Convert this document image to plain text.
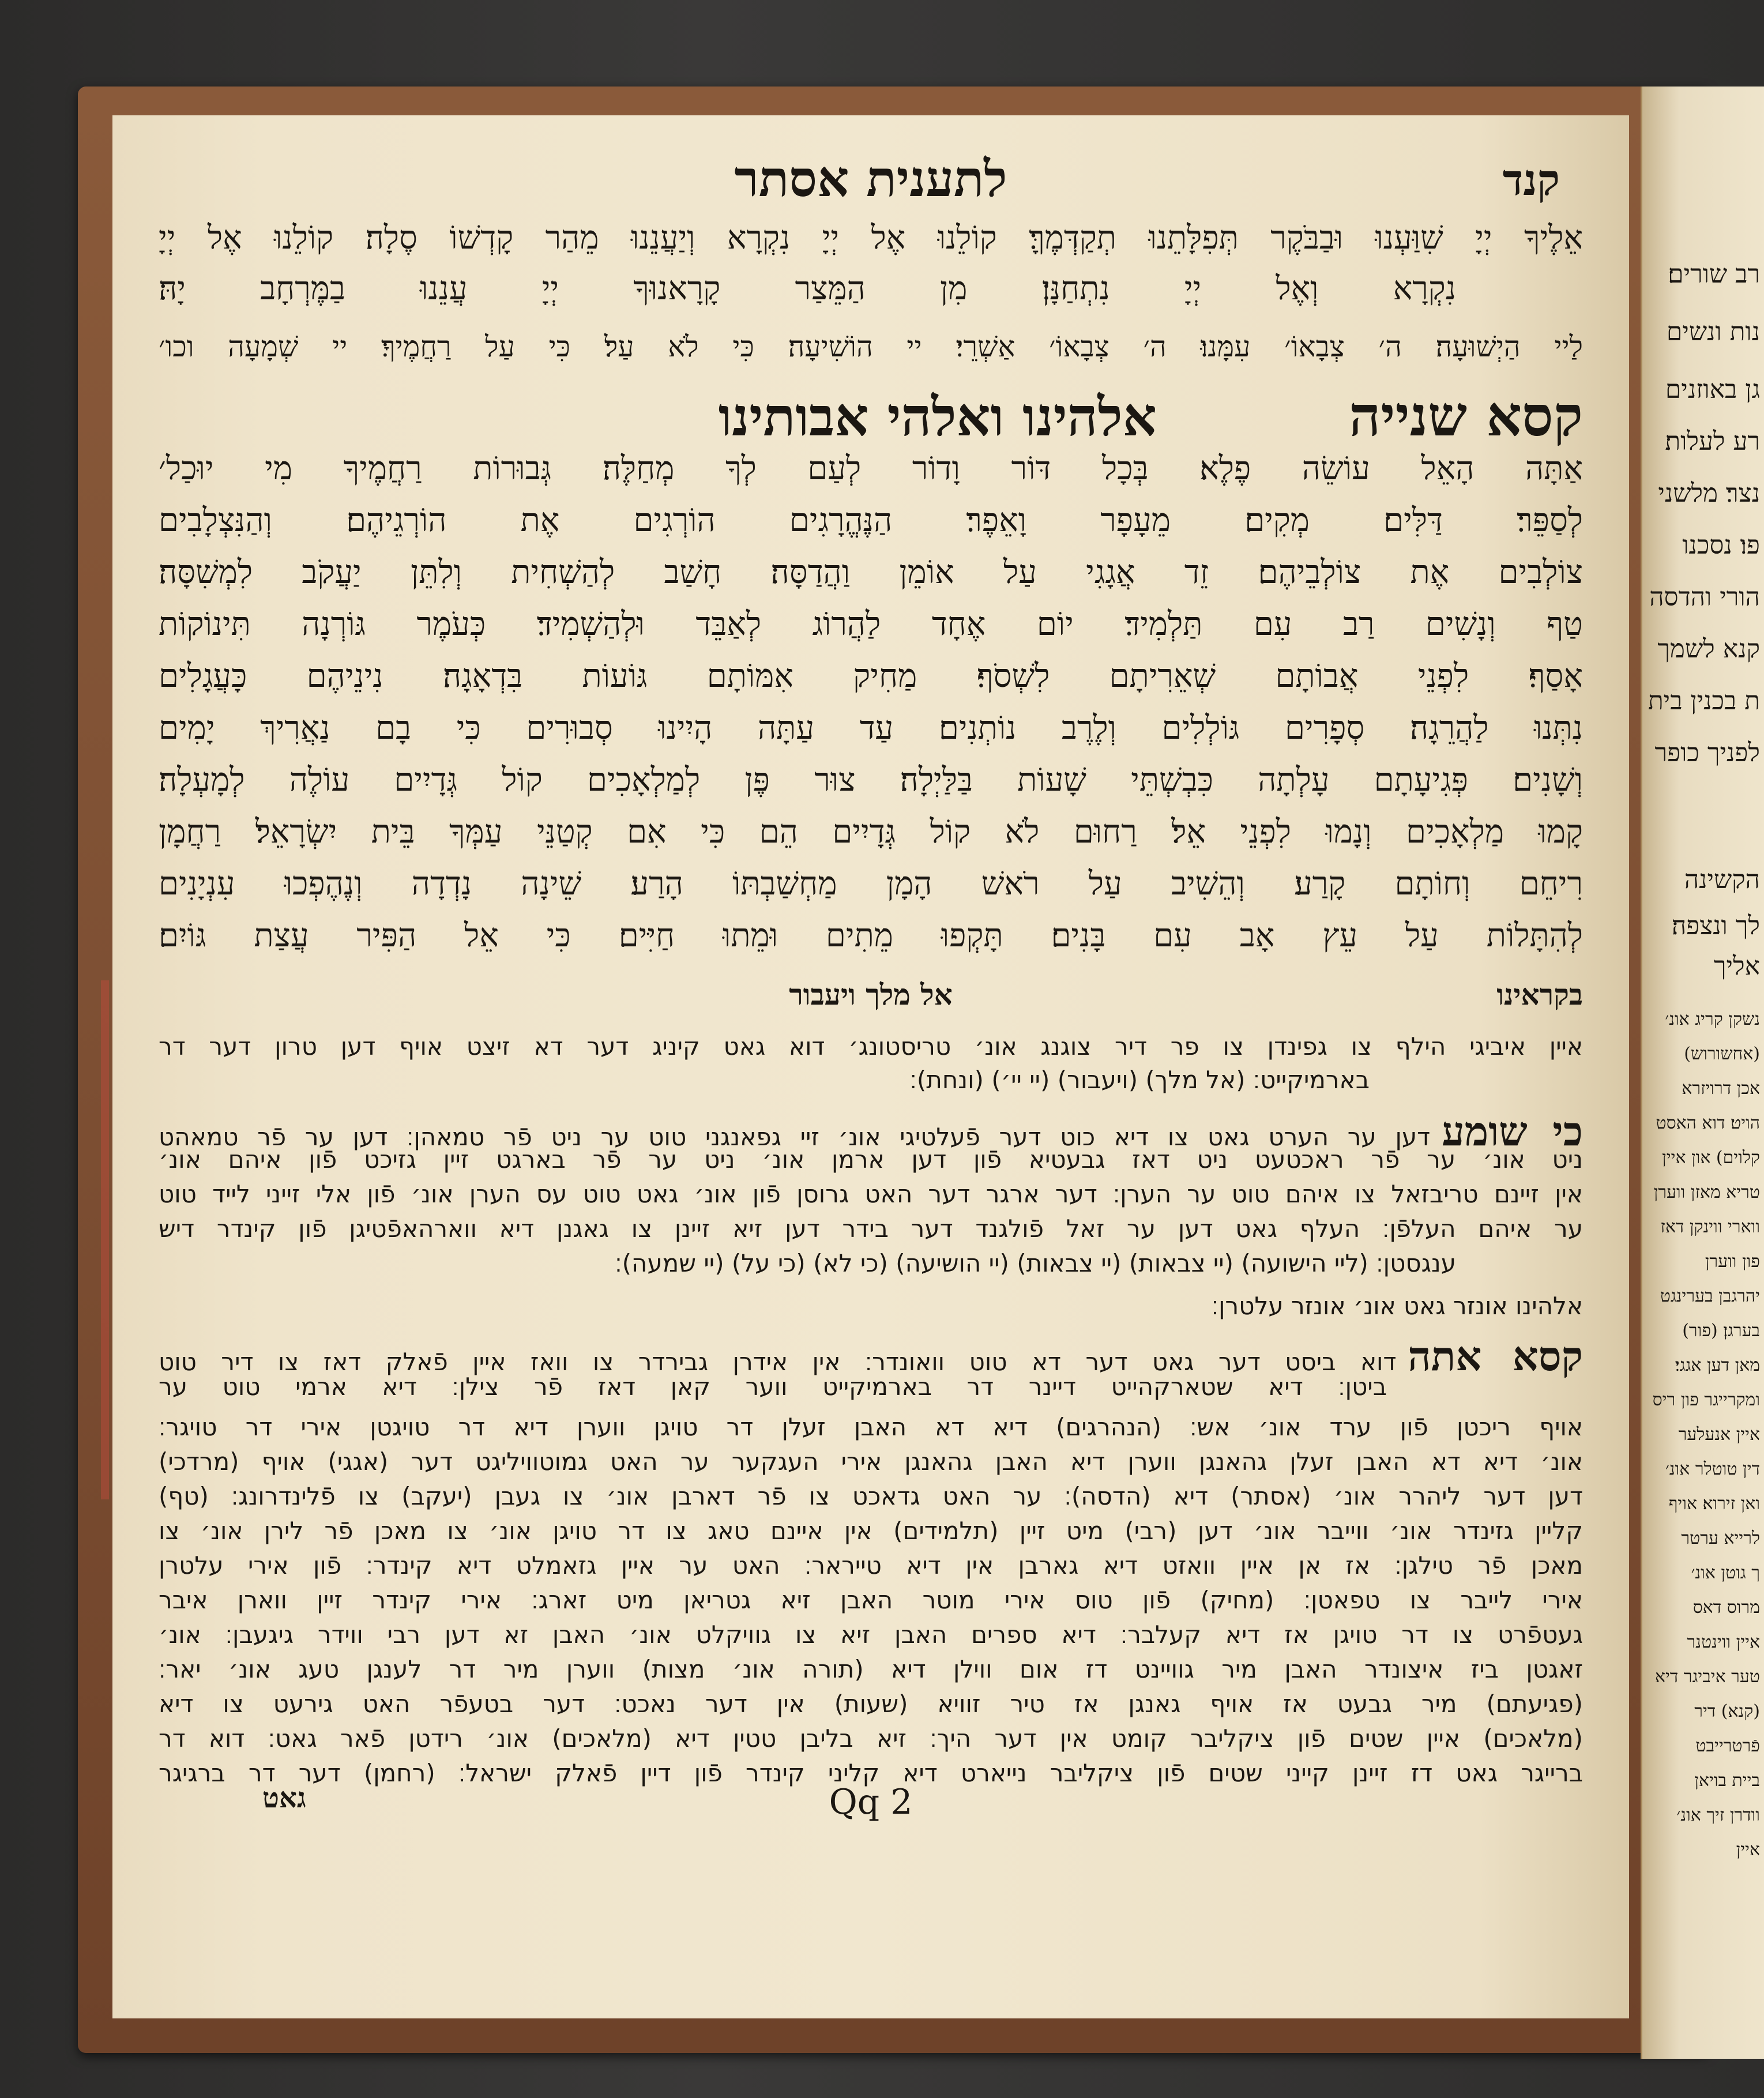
לתענית אסתר	קנד
אֵלֶיךָ יְיָ שִׁוַּעְנוּ וּבַבֹּקֶר תְּפִלָּתֵנוּ תְקַדְּמֶךָּ׃ קוֹלֵנוּ אֶל יְיָ נִקְרָא וְיַעֲנֵנוּ מֵהַר קָדְשׁוֹ סֶלָה׃ קוֹלֵנוּ אֶל יְיָ
נִקְרָא וְאֶל יְיָ נִתְחַנָּן׃ מִן הַמֵּצַר קָרָאנוּךָ יְיָ עֲנֵנוּ בַמֶּרְחָב יָהּ׃
לַיי הַיְשׁוּעָה׃ ה׳ צְבָאוֹ׳ עִמָּנוּ׃ ה׳ צְבָאוֹ׳ אַשְׁרֵי׃ יי הוֹשִׁיעָה׃ כִּי לֹא עַל׃ כִּי עַל רַחֲמֶיךָ׃ יי שְׁמָעָה וכו׳
קסא שנייה אלהינו ואלהי אבותינו
אַתָּה הָאֵל עוֹשֵׂה פֶלֶא׃ בְּכָל דּוֹר וָדוֹר לְעַם לְךָ מְחַלֶּה׃ גְּבוּרוֹת רַחֲמֶיךָ מִי יוּכַל׳
לְסַפֵּר׃ דַּלִּים׃ מְקִים׃ מֵעָפָר וָאֵפֶר׃ הַנֶּהֱרָגִים הוֹרְגִים אֶת הוֹרְגֵיהֶם׃ וְהַנִּצְלָבִים
צוֹלְבִים אֶת צוֹלְבֵיהֶם׃ זֵד אֲגָגִי עַל אוֹמֵן וַהֲדַסָּה׃ חָשַׁב לְהַשְׁחִית וְלִתֵּן יַעֲקֹב לִמְשִׁסָּה׃
טַף וְנָשִׁים רַב עִם תַּלְמִיד׃ יוֹם אֶחָד לַהֲרוֹג לְאַבֵּד וּלְהַשְׁמִיד׃ כְּעֹמֶר גּוֹרְנָה תִּינוֹקוֹת
אָסַף׃ לִפְנֵי אֲבוֹתָם שְׁאֵרִיתָם לִשְׁסֹף׃ מַחִיק אִמּוֹתָם גּוֹעוֹת בִּדְאָגָה׃ נִינֵיהֶם כָּעֲגָלִים
נִתְּנוּ לַהֲרֵגָה׃ סְפָרִים גּוֹלְלִים וְלֶרֶב נוֹתְנִים׃ עַד עַתָּה הָיִינוּ סְבוּרִים כִּי בָם נַאֲרִיךְ יָמִים
וְשָׁנִים׃ פְּגִיעָתָם עָלְתָה כִּבְשְׁתֵּי שָׁעוֹת בַּלַּיְלָה׃ צוּר פֶּן לְמַלְאָכִים קוֹל גְּדָיִים עוֹלֶה לְמָעְלָה׃
קָמוּ מַלְאָכִים וְנָמוּ לִפְנֵי אֵל׃ רַחוּם לֹא קוֹל גְּדָיִים הֵם כִּי אִם קְטַנֵּי עַמְּךָ בֵּית יִשְׂרָאֵל׃ רַחֲמָן
רִיחֵם וְחוֹתָם קָרַע׃ וְהֵשִׁיב עַל רֹאשׁ הָמָן מַחְשַׁבְתּוֹ הָרַע׃ שֵׁינָה נָדְדָה וְנֶהֶפְכוּ עִנְיָנִים
לְהִתָּלוֹת עַל עֵץ אָב עִם בָּנִים׃ תָּקְפוּ מֵתִים וּמֵתוּ חַיִּים׃ כִּי אֵל הַפִּיר עֲצַת גּוֹיִם׃
אל מלך ויעבור	בקראינו
איין איביגי הילף צו גפינדן צו פר דיר צוגנג אונ׳ טריסטונג׳ דוא גאט קיניג דער דא זיצט אויף דען טרון דער דר
בארמיקייט׃ (אל מלך) (ויעבור) (יי יי׳) (ונחת)׃
כי שומעדען ער הערט גאט צו דיא כוט דער פֿעלטיגי אונ׳ זיי גפאנגני טוט ער ניט פֿר טמאהן׃ דען ער פֿר טמאהט
ניט אונ׳ ער פֿר ראכטעט ניט דאז גבעטיא פֿון דען ארמן אונ׳ ניט ער פֿר בארגט זיין גזיכט פֿון איהם אונ׳
אין זיינם טריבזאל צו איהם טוט ער הערן׃ דער ארגר דער האט גרוסן פֿון אונ׳ גאט טוט עס הערן אונ׳ פֿון אלי זייני לייד טוט
ער איהם העלפֿן׃ העלף גאט דען ער זאל פֿולגנד דער בידר דען זיא זיינן צו גאגנן דיא ווארהאפֿטיגן פֿון קינדר דיש
ענגסטן׃ (ליי הישועה) (יי צבאות) (יי צבאות) (יי הושיעה) (כי לא) (כי על) (יי שמעה)׃
אלהינו אונזר גאט אונ׳ אונזר עלטרן׃
קסא אתהדוא ביסט דער גאט דער דא טוט וואונדר׃ אין אידרן גבירדר צו וואז איין פֿאלק דאז צו דיר טוט
ביטן׃ דיא שטארקהייט דיינר דר בארמיקייט ווער קאן דאז פֿר צילן׃ דיא ארמי טוט ער
אויף ריכטן פֿון ערד אונ׳ אש׃ (הנהרגים) דיא דא האבן זעלן דר טויגן ווערן דיא דר טויגטן אירי דר טויגר׃
אונ׳ דיא דא האבן זעלן גהאנגן ווערן דיא האבן גהאנגן אירי העגקער ער האט גמוטוויליגט דער (אגגי) אויף (מרדכי)
דען דער ליהרר אונ׳ (אסתר) דיא (הדסה)׃ ער האט גדאכט צו פֿר דארבן אונ׳ צו געבן (יעקב) צו פֿלינדרונג׃ (טף)
קליין גזינדר אונ׳ ווייבר אונ׳ דען (רבי) מיט זיין (תלמידים) אין איינם טאג צו דר טויגן אונ׳ צו מאכן פֿר לירן אונ׳ צו
מאכן פֿר טילגן׃ אז אן איין וואזט דיא גארבן אין דיא טייראר׃ האט ער איין גזאמלט דיא קינדר׃ פֿון אירי עלטרן
אירי לייבר צו טפאטן׃ (מחיק) פֿון טוס אירי מוטר האבן זיא גטריאן מיט זארג׃ אירי קינדר זיין ווארן איבר
געטפֿרט צו דר טויגן אז דיא קעלבר׃ דיא ספרים האבן זיא צו גוויקלט אונ׳ האבן זא דען רבי ווידר גיגעבן׃ אונ׳
זאגטן ביז איצונדר האבן מיר גוויינט דז אום ווילן דיא (תורה אונ׳ מצות) ווערן מיר דר לענגן טעג אונ׳ יאר׃
(פגיעתם) מיר גבעט אז אויף גאנגן אז טיר זוויא (שעות) אין דער נאכט׃ דער בטעפֿר האט גירעט צו דיא
(מלאכים) איין שטים פֿון ציקליבר קומט אין דער היך׃ זיא בליבן טטין דיא (מלאכים) אונ׳ רידטן פֿאר גאט׃ דוא דר
ברייגר גאט דז זיינן קייני שטים פֿון ציקליבר נייארט דיא קליני קינדר פֿון דיין פֿאלק ישראל׃ (רחמן) דער דר ברגיגר
Qq 2
גאט
רב שורים׃
נות ונשים
גן באוזנים
רע לעלות׃
נצר׃ מלשני
פו׃ נסכנו
הורי והדסה
קנא לשמך
ת בכנין בית
לפניך כופר
הקשינה
לך ונצפה׃
אליך
נשקן קריג אונ׳
(אחשורוש)
אכן דרויזרא
הויט׃ דוא האסט
קלוים) און איין
טריא מאזן ווערן
ווארי ווינקן דאז
פון ווערן
יהרגבן בערינגט
בערגן׃ (פור)
מאן דען אגגי׃
ומקרייגר פון ריס
איין אנעלער
דין טוטלר אונ׳
ואן זירוא׃ אויף
לרייא ערטר
ך גוטן אונ׳
מרוס דאס
איין ווינטנר
טער איביגר דיא
(קנא) דיר
פֿרטרייבט
ביית בויאן
וודרן זיך אונ׳
איין
